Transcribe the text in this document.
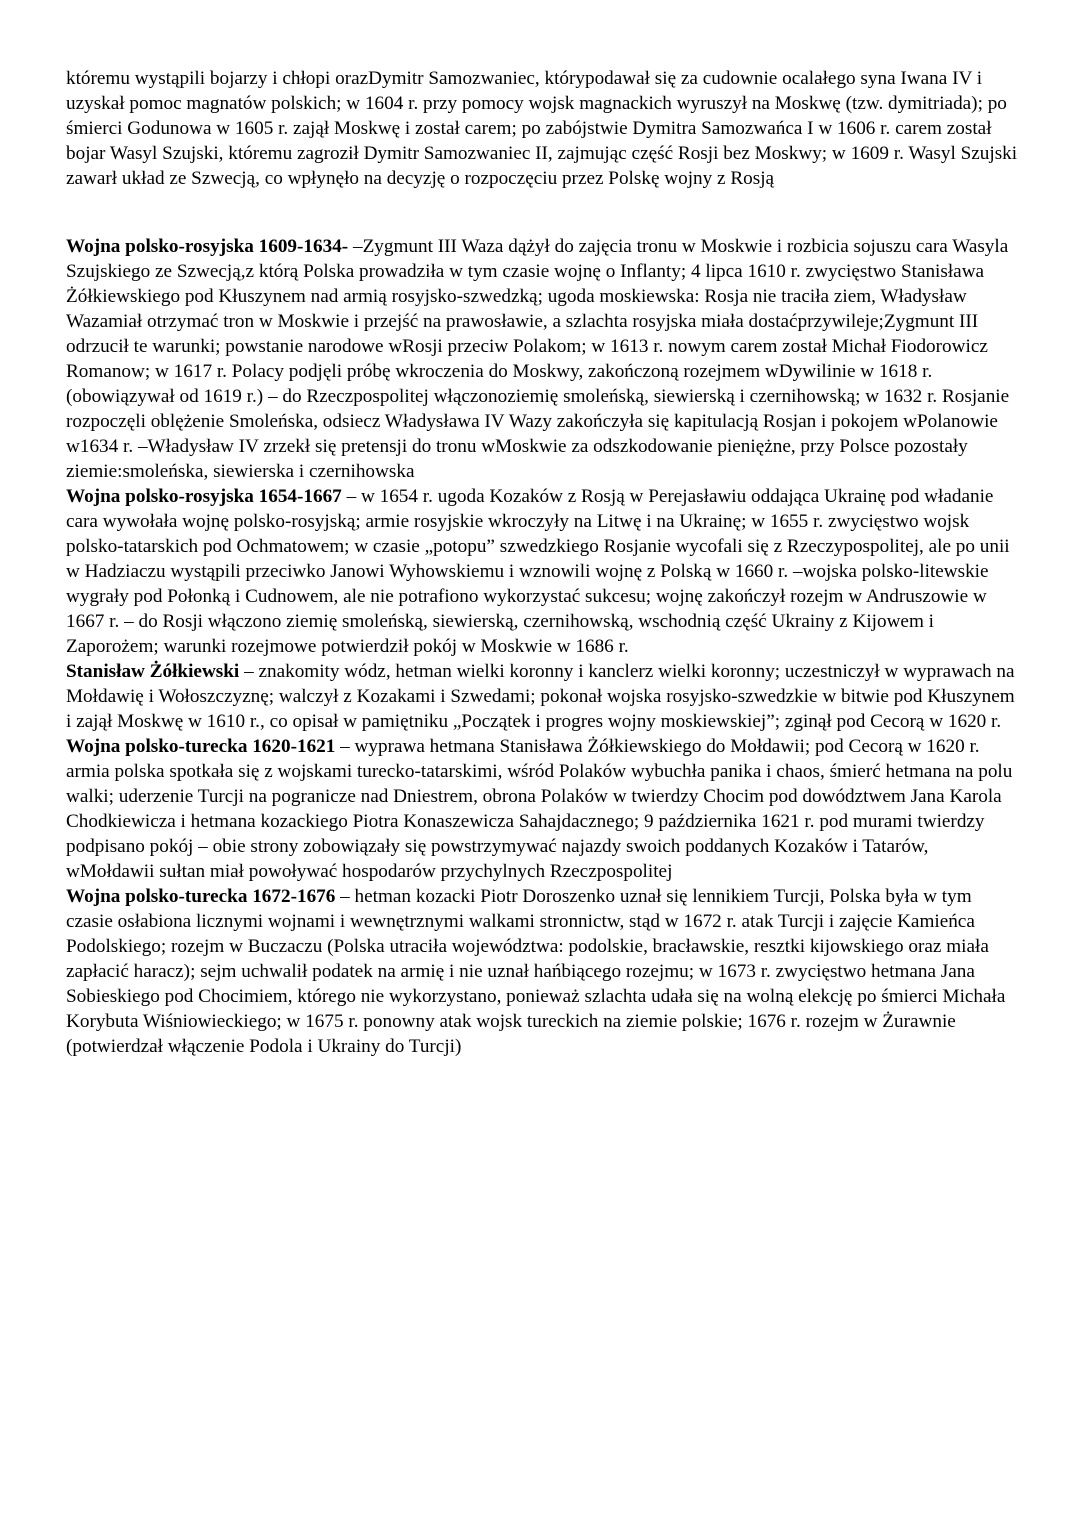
któremu wystąpili bojarzy i chłopi orazDymitr Samozwaniec, którypodawał się za cudownie ocalałego syna Iwana IV i uzyskał pomoc magnatów polskich; w 1604 r. przy pomocy wojsk magnackich wyruszył na Moskwę (tzw. dymitriada); po śmierci Godunowa w 1605 r. zajął Moskwę i został carem; po zabójstwie Dymitra Samozwańca I w 1606 r. carem został bojar Wasyl Szujski, któremu zagroził Dymitr Samozwaniec II, zajmując część Rosji bez Moskwy; w 1609 r. Wasyl Szujski zawarł układ ze Szwecją, co wpłynęło na decyzję o rozpoczęciu przez Polskę wojny z Rosją

Wojna polsko-rosyjska 1609-1634- –Zygmunt III Waza dążył do zajęcia tronu w Moskwie i rozbicia sojuszu cara Wasyla Szujskiego ze Szwecją,z którą Polska prowadziła w tym czasie wojnę o Inflanty; 4 lipca 1610 r. zwycięstwo Stanisława Żółkiewskiego pod Kłuszynem nad armią rosyjsko-szwedzką; ugoda moskiewska: Rosja nie traciła ziem, Władysław Wazamiał otrzymać tron w Moskwie i przejść na prawosławie, a szlachta rosyjska miała dostaćprzywileje;Zygmunt III odrzucił te warunki; powstanie narodowe wRosji przeciw Polakom; w 1613 r. nowym carem został Michał Fiodorowicz Romanow; w 1617 r. Polacy podjęli próbę wkroczenia do Moskwy, zakończoną rozejmem wDywilinie w 1618 r. (obowiązywał od 1619 r.) – do Rzeczpospolitej włączonoziemię smoleńską, siewierską i czernihowską; w 1632 r. Rosjanie rozpoczęli oblężenie Smoleńska, odsiecz Władysława IV Wazy zakończyła się kapitulacją Rosjan i pokojem wPolanowie w1634 r. –Władysław IV zrzekł się pretensji do tronu wMoskwie za odszkodowanie pieniężne, przy Polsce pozostały ziemie:smoleńska, siewierska i czernihowska

Wojna polsko-rosyjska 1654-1667 – w 1654 r. ugoda Kozaków z Rosją w Perejasławiu oddająca Ukrainę pod władanie cara wywołała wojnę polsko-rosyjską; armie rosyjskie wkroczyły na Litwę i na Ukrainę; w 1655 r. zwycięstwo wojsk polsko-tatarskich pod Ochmatowem; w czasie „potopu” szwedzkiego Rosjanie wycofali się z Rzeczypospolitej, ale po unii w Hadziaczu wystąpili przeciwko Janowi Wyhowskiemu i wznowili wojnę z Polską w 1660 r. –wojska polsko-litewskie wygrały pod Połonką i Cudnowem, ale nie potrafiono wykorzystać sukcesu; wojnę zakończył rozejm w Andruszowie w 1667 r. – do Rosji włączono ziemię smoleńską, siewierską, czernihowską, wschodnią część Ukrainy z Kijowem i Zaporożem; warunki rozejmowe potwierdził pokój w Moskwie w 1686 r.

Stanisław Żółkiewski – znakomity wódz, hetman wielki koronny i kanclerz wielki koronny; uczestniczył w wyprawach na Mołdawię i Wołoszczyznę; walczył z Kozakami i Szwedami; pokonał wojska rosyjsko-szwedzkie w bitwie pod Kłuszynem i zajął Moskwę w 1610 r., co opisał w pamiętniku „Początek i progres wojny moskiewskiej”; zginął pod Cecorą w 1620 r.

Wojna polsko-turecka 1620-1621 – wyprawa hetmana Stanisława Żółkiewskiego do Mołdawii; pod Cecorą w 1620 r. armia polska spotkała się z wojskami turecko-tatarskimi, wśród Polaków wybuchła panika i chaos, śmierć hetmana na polu walki; uderzenie Turcji na pogranicze nad Dniestrem, obrona Polaków w twierdzy Chocim pod dowództwem Jana Karola Chodkiewicza i hetmana kozackiego Piotra Konaszewicza Sahajdacznego; 9 października 1621 r. pod murami twierdzy podpisano pokój – obie strony zobowiązały się powstrzymywać najazdy swoich poddanych Kozaków i Tatarów, wMołdawii sułtan miał powoływać hospodarów przychylnych Rzeczpospolitej

Wojna polsko-turecka 1672-1676 – hetman kozacki Piotr Doroszenko uznał się lennikiem Turcji, Polska była w tym czasie osłabiona licznymi wojnami i wewnętrznymi walkami stronnictw, stąd w 1672 r. atak Turcji i zajęcie Kamieńca Podolskiego; rozejm w Buczaczu (Polska utraciła województwa: podolskie, bracławskie, resztki kijowskiego oraz miała zapłacić haracz); sejm uchwalił podatek na armię i nie uznał hańbiącego rozejmu; w 1673 r. zwycięstwo hetmana Jana Sobieskiego pod Chocimiem, którego nie wykorzystano, ponieważ szlachta udała się na wolną elekcję po śmierci Michała Korybuta Wiśniowieckiego; w 1675 r. ponowny atak wojsk tureckich na ziemie polskie; 1676 r. rozejm w Żurawnie (potwierdzał włączenie Podola i Ukrainy do Turcji)
